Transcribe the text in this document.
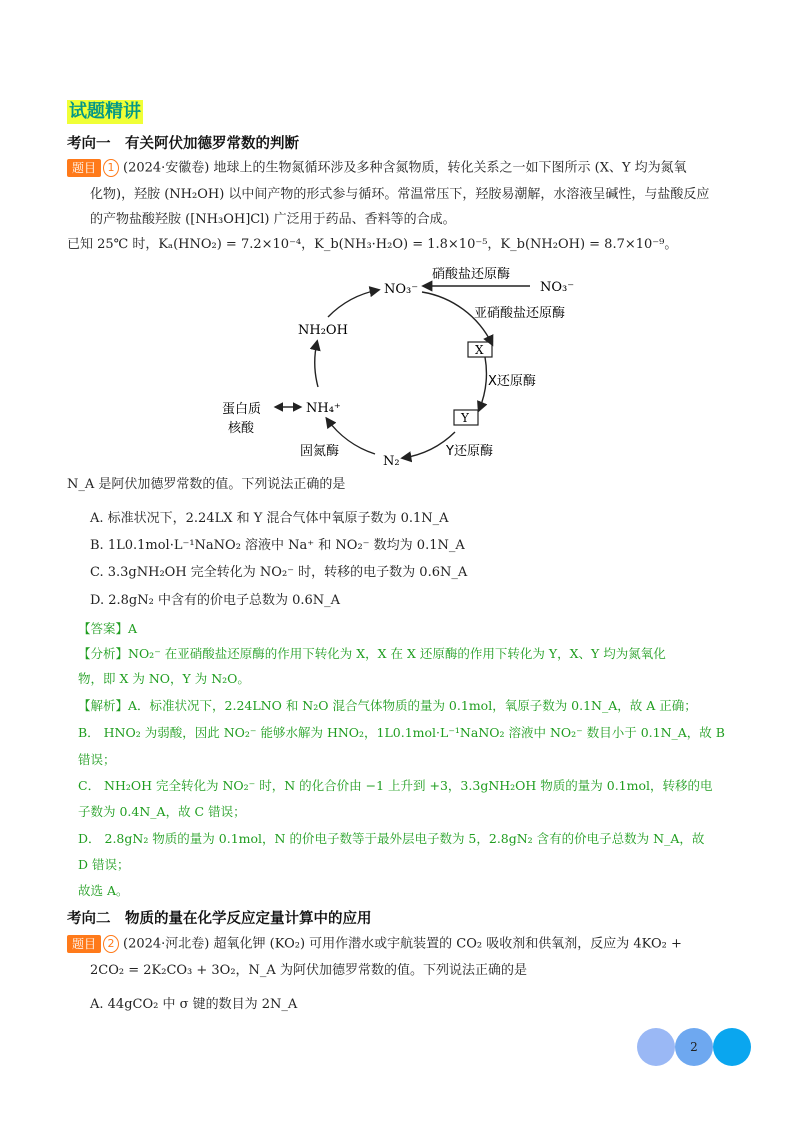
试题精讲
考向一　有关阿伏加德罗常数的判断
题目 1 (2024·安徽卷) 地球上的生物氮循环涉及多种含氮物质，转化关系之一如下图所示 (X、Y 均为氮氧
化物)，羟胺 (NH₂OH) 以中间产物的形式参与循环。常温常压下，羟胺易潮解，水溶液呈碱性，与盐酸反应
的产物盐酸羟胺 ([NH₃OH]Cl) 广泛用于药品、香料等的合成。
已知 25℃ 时，Kₐ(HNO₂) = 7.2×10⁻⁴，K_b(NH₃·H₂O) = 1.8×10⁻⁵，K_b(NH₂OH) = 8.7×10⁻⁹。
NO₃⁻	NO₃⁻
硝酸盐还原酶
亚硝酸盐还原酶
X
X还原酶
Y
Y还原酶
N₂
固氮酶
NH₄⁺
蛋白质
核酸
NH₂OH
N_A 是阿伏加德罗常数的值。下列说法正确的是
A. 标准状况下，2.24LX 和 Y 混合气体中氧原子数为 0.1N_A
B. 1L0.1mol·L⁻¹NaNO₂ 溶液中 Na⁺ 和 NO₂⁻ 数均为 0.1N_A
C. 3.3gNH₂OH 完全转化为 NO₂⁻ 时，转移的电子数为 0.6N_A
D. 2.8gN₂ 中含有的价电子总数为 0.6N_A
【答案】A
【分析】NO₂⁻ 在亚硝酸盐还原酶的作用下转化为 X，X 在 X 还原酶的作用下转化为 Y，X、Y 均为氮氧化
物，即 X 为 NO，Y 为 N₂O。
【解析】A．标准状况下，2.24LNO 和 N₂O 混合气体物质的量为 0.1mol，氧原子数为 0.1N_A，故 A 正确；
B． HNO₂ 为弱酸，因此 NO₂⁻ 能够水解为 HNO₂，1L0.1mol·L⁻¹NaNO₂ 溶液中 NO₂⁻ 数目小于 0.1N_A，故 B
错误；
C． NH₂OH 完全转化为 NO₂⁻ 时，N 的化合价由 −1 上升到 +3，3.3gNH₂OH 物质的量为 0.1mol，转移的电
子数为 0.4N_A，故 C 错误；
D． 2.8gN₂ 物质的量为 0.1mol，N 的价电子数等于最外层电子数为 5，2.8gN₂ 含有的价电子总数为 N_A，故
D 错误；
故选 A。
考向二　物质的量在化学反应定量计算中的应用
题目 2 (2024·河北卷) 超氧化钾 (KO₂) 可用作潜水或宇航装置的 CO₂ 吸收剂和供氧剂，反应为 4KO₂ +
2CO₂ = 2K₂CO₃ + 3O₂，N_A 为阿伏加德罗常数的值。下列说法正确的是
A. 44gCO₂ 中 σ 键的数目为 2N_A
2
